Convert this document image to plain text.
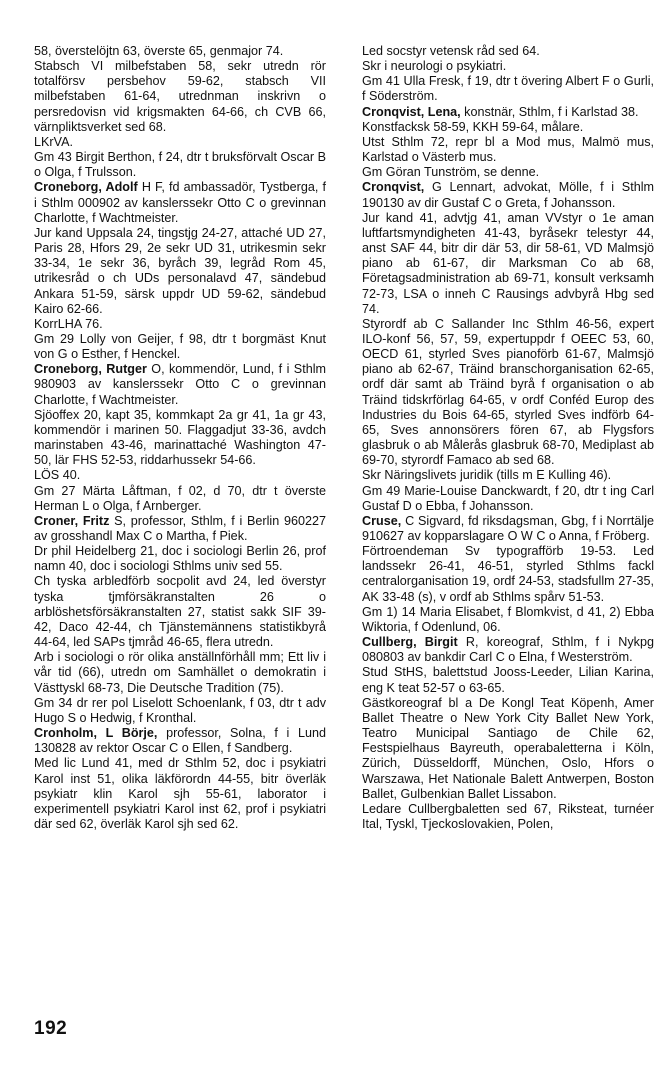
58, överstelöjtn 63, överste 65, genmajor 74.

Stabsch VI milbefstaben 58, sekr utredn rör totalförsv persbehov 59-62, stabsch VII milbefstaben 61-64, utrednman inskrivn o persredovisn vid krigsmakten 64-66, ch CVB 66, värnpliktsverket sed 68.

LKrVA.

Gm 43 Birgit Berthon, f 24, dtr t bruksförvalt Oscar B o Olga, f Trulsson.

Croneborg, Adolf H F, fd ambassadör, Tystberga, f i Sthlm 000902 av kanslerssekr Otto C o grevinnan Charlotte, f Wachtmeister.

Jur kand Uppsala 24, tingstjg 24-27, attaché UD 27, Paris 28, Hfors 29, 2e sekr UD 31, utrikesmin sekr 33-34, 1e sekr 36, byråch 39, legråd Rom 45, utrikesråd o ch UDs personalavd 47, sändebud Ankara 51-59, särsk uppdr UD 59-62, sändebud Kairo 62-66.

KorrLHA 76.

Gm 29 Lolly von Geijer, f 98, dtr t borgmäst Knut von G o Esther, f Henckel.

Croneborg, Rutger O, kommendör, Lund, f i Sthlm 980903 av kanslerssekr Otto C o grevinnan Charlotte, f Wachtmeister.

Sjöoffex 20, kapt 35, kommkapt 2a gr 41, 1a gr 43, kommendör i marinen 50. Flaggadjut 33-36, avdch marinstaben 43-46, marinattaché Washington 47-50, lär FHS 52-53, riddarhussekr 54-66.

LÖS 40.

Gm 27 Märta Låftman, f 02, d 70, dtr t överste Herman L o Olga, f Arnberger.

Croner, Fritz S, professor, Sthlm, f i Berlin 960227 av grosshandl Max C o Martha, f Piek.

Dr phil Heidelberg 21, doc i sociologi Berlin 26, prof namn 40, doc i sociologi Sthlms univ sed 55.

Ch tyska arbledförb socpolit avd 24, led överstyr tyska tjmförsäkranstalten 26 o arblöshetsförsäkranstalten 27, statist sakk SIF 39-42, Daco 42-44, ch Tjänstemännens statistikbyrå 44-64, led SAPs tjmråd 46-65, flera utredn.

Arb i sociologi o rör olika anställnförhåll mm; Ett liv i vår tid (66), utredn om Samhället o demokratin i Västtyskl 68-73, Die Deutsche Tradition (75).

Gm 34 dr rer pol Liselott Schoenlank, f 03, dtr t adv Hugo S o Hedwig, f Kronthal.

Cronholm, L Börje, professor, Solna, f i Lund 130828 av rektor Oscar C o Ellen, f Sandberg.

Med lic Lund 41, med dr Sthlm 52, doc i psykiatri Karol inst 51, olika läkförordn 44-55, bitr överläk psykiatr klin Karol sjh 55-61, laborator i experimentell psykiatri Karol inst 62, prof i psykiatri där sed 62, överläk Karol sjh sed 62.

Led socstyr vetensk råd sed 64.

Skr i neurologi o psykiatri.

Gm 41 Ulla Fresk, f 19, dtr t övering Albert F o Gurli, f Söderström.

Cronqvist, Lena, konstnär, Sthlm, f i Karlstad 38.

Konstfacksk 58-59, KKH 59-64, målare.

Utst Sthlm 72, repr bl a Mod mus, Malmö mus, Karlstad o Västerb mus.

Gm Göran Tunström, se denne.

Cronqvist, G Lennart, advokat, Mölle, f i Sthlm 190130 av dir Gustaf C o Greta, f Johansson.

Jur kand 41, advtjg 41, aman VVstyr o 1e aman luftfartsmyndigheten 41-43, byråsekr telestyr 44, anst SAF 44, bitr dir där 53, dir 58-61, VD Malmsjö piano ab 61-67, dir Marksman Co ab 68, Företagsadministration ab 69-71, konsult verksamh 72-73, LSA o inneh C Rausings advbyrå Hbg sed 74.

Styrordf ab C Sallander Inc Sthlm 46-56, expert ILO-konf 56, 57, 59, expertuppdr f OEEC 53, 60, OECD 61, styrled Sves pianoförb 61-67, Malmsjö piano ab 62-67, Träind branschorganisation 62-65, ordf där samt ab Träind byrå f organisation o ab Träind tidskrförlag 64-65, v ordf Conféd Europ des Industries du Bois 64-65, styrled Sves indförb 64-65, Sves annonsörers fören 67, ab Flygsfors glasbruk o ab Målerås glasbruk 68-70, Mediplast ab 69-70, styrordf Famaco ab sed 68.

Skr Näringslivets juridik (tills m E Kulling 46).

Gm 49 Marie-Louise Danckwardt, f 20, dtr t ing Carl Gustaf D o Ebba, f Johansson.

Cruse, C Sigvard, fd riksdagsman, Gbg, f i Norrtälje 910627 av kopparslagare O W C o Anna, f Fröberg.

Förtroendeman Sv typografförb 19-53. Led landssekr 26-41, 46-51, styrled Sthlms fackl centralorganisation 19, ordf 24-53, stadsfullm 27-35, AK 33-48 (s), v ordf ab Sthlms spårv 51-53.

Gm 1) 14 Maria Elisabet, f Blomkvist, d 41, 2) Ebba Wiktoria, f Odenlund, 06.

Cullberg, Birgit R, koreograf, Sthlm, f i Nykpg 080803 av bankdir Carl C o Elna, f Westerström.

Stud StHS, balettstud Jooss-Leeder, Lilian Karina, eng K teat 52-57 o 63-65.

Gästkoreograf bl a De Kongl Teat Köpenh, Amer Ballet Theatre o New York City Ballet New York, Teatro Municipal Santiago de Chile 62, Festspielhaus Bayreuth, operabaletterna i Köln, Zürich, Düsseldorff, München, Oslo, Hfors o Warszawa, Het Nationale Balett Antwerpen, Boston Ballet, Gulbenkian Ballet Lissabon.

Ledare Cullbergbaletten sed 67, Riksteat, turnéer Ital, Tyskl, Tjeckoslovakien, Polen,

192
